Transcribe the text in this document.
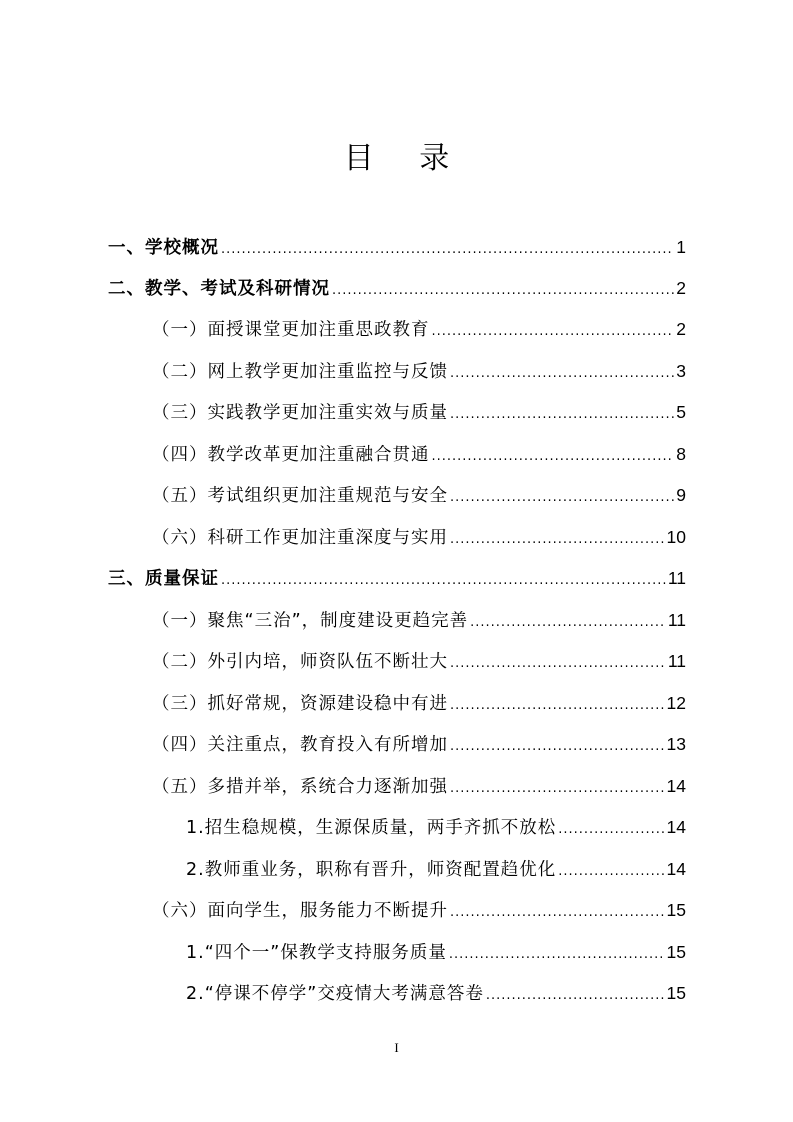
目 录
一、学校概况 .....	1
二、教学、考试及科研情况 .....	2
（一）面授课堂更加注重思政教育 .....	2
（二）网上教学更加注重监控与反馈 .....	3
（三）实践教学更加注重实效与质量 .....	5
（四）教学改革更加注重融合贯通 .....	8
（五）考试组织更加注重规范与安全 .....	9
（六）科研工作更加注重深度与实用 .....	10
三、质量保证 .....	11
（一）聚焦“三治”，制度建设更趋完善 .....	11
（二）外引内培，师资队伍不断壮大 .....	11
（三）抓好常规，资源建设稳中有进 .....	12
（四）关注重点，教育投入有所增加 .....	13
（五）多措并举，系统合力逐渐加强 .....	14
1.招生稳规模，生源保质量，两手齐抓不放松 .....	14
2.教师重业务，职称有晋升，师资配置趋优化 .....	14
（六）面向学生，服务能力不断提升 .....	15
1.“四个一”保教学支持服务质量 .....	15
2.“停课不停学”交疫情大考满意答卷 .....	15
I
